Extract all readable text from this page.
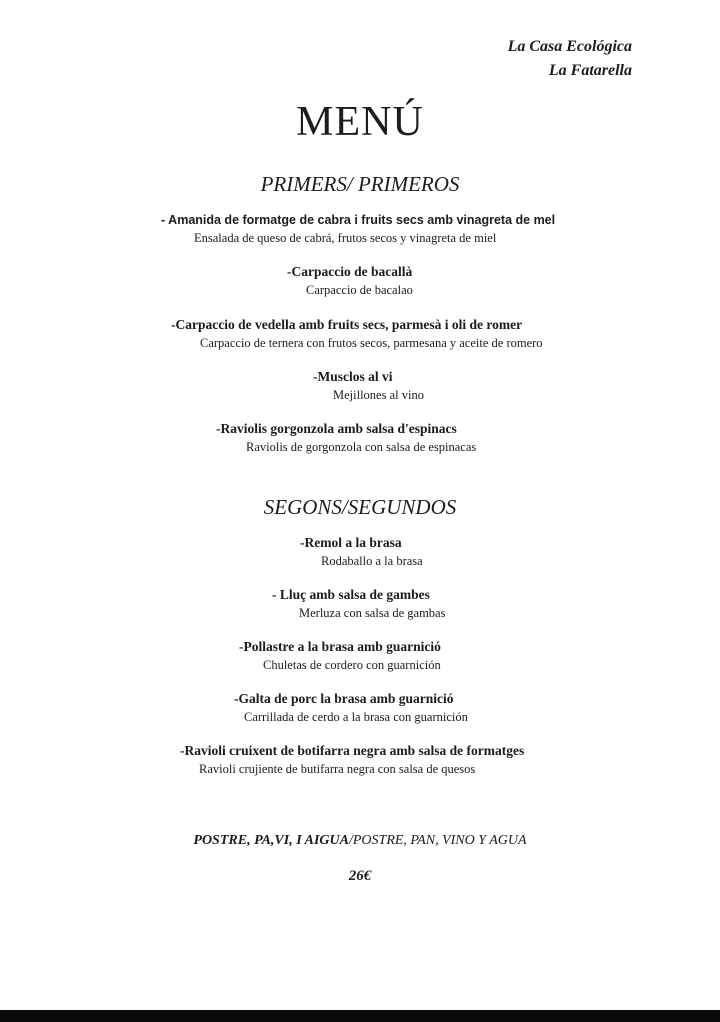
La Casa Ecológica
La Fatarella
MENÚ
PRIMERS/ PRIMEROS
- Amanida de formatge de cabra i fruits secs amb vinagreta de mel
Ensalada de queso de cabrá, frutos secos y vinagreta de miel
-Carpaccio de bacallà
Carpaccio de bacalao
-Carpaccio de vedella amb fruits secs, parmesà i oli de romer
Carpaccio de ternera con frutos secos, parmesana y aceite de romero
-Musclos al vi
Mejillones al vino
-Raviolis gorgonzola amb salsa d'espinacs
Raviolis de gorgonzola con salsa de espinacas
SEGONS/SEGUNDOS
-Remol a la brasa
Rodaballo a la brasa
- Lluç amb salsa de gambes
Merluza con salsa de gambas
-Pollastre a la brasa amb guarnició
Chuletas de cordero con guarnición
-Galta de porc la brasa amb guarnició
Carrillada de cerdo a la brasa con guarnición
-Ravioli cruixent de botifarra negra amb salsa de formatges
Ravioli crujiente de butifarra negra con salsa de quesos
POSTRE, PA,VI, I AIGUA/POSTRE, PAN, VINO Y AGUA
26€
